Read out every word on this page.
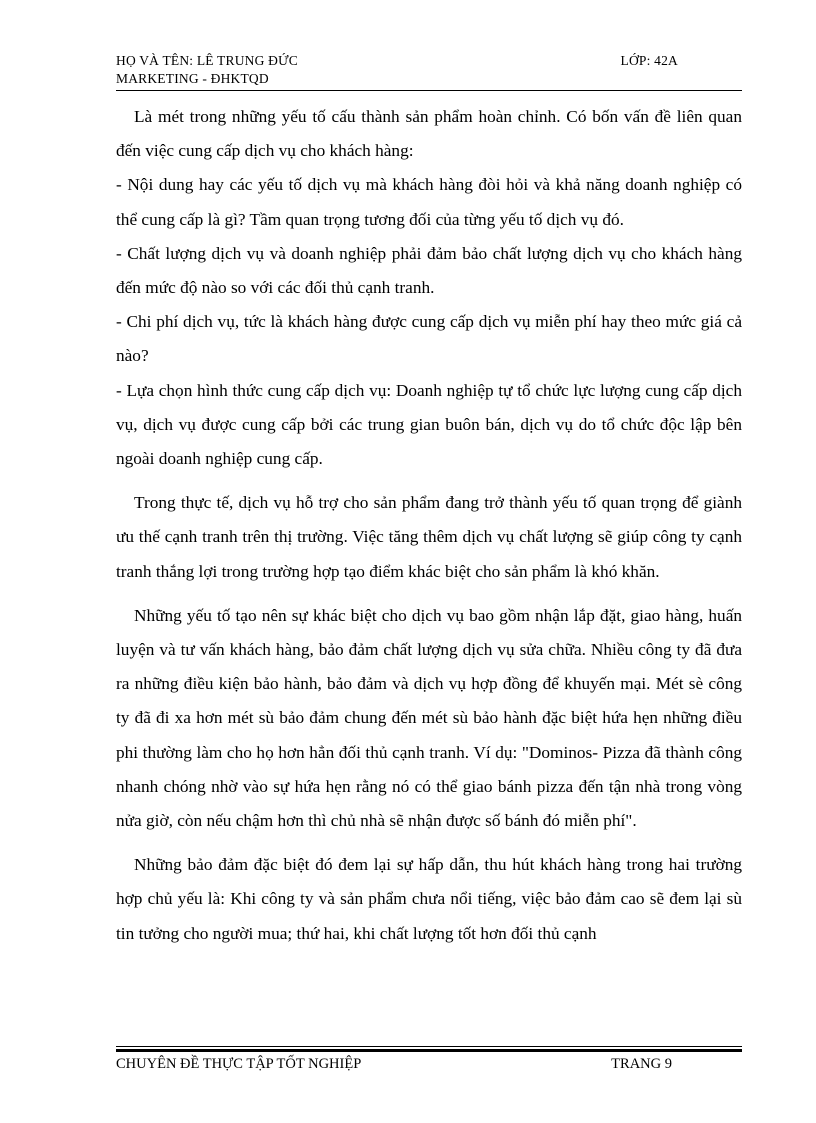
HỌ VÀ TÊN: LÊ TRUNG ĐỨC	LỚP: 42A
MARKETING - ĐHKTQD

Là mét trong những yếu tố cấu thành sản phẩm hoàn chỉnh. Có bốn vấn đề liên quan đến việc cung cấp dịch vụ cho khách hàng:

- Nội dung hay các yếu tố dịch vụ mà khách hàng đòi hỏi và khả năng doanh nghiệp có thể cung cấp là gì? Tầm quan trọng tương đối của từng yếu tố dịch vụ đó.

- Chất lượng dịch vụ và doanh nghiệp phải đảm bảo chất lượng dịch vụ cho khách hàng đến mức độ nào so với các đối thủ cạnh tranh.

- Chi phí dịch vụ, tức là khách hàng được cung cấp dịch vụ miễn phí hay theo mức giá cả nào?

- Lựa chọn hình thức cung cấp dịch vụ: Doanh nghiệp tự tổ chức lực lượng cung cấp dịch vụ, dịch vụ được cung cấp bởi các trung gian buôn bán, dịch vụ do tổ chức độc lập bên ngoài doanh nghiệp cung cấp.

Trong thực tế, dịch vụ hỗ trợ cho sản phẩm đang trở thành yếu tố quan trọng để giành ưu thế cạnh tranh trên thị trường. Việc tăng thêm dịch vụ chất lượng sẽ giúp công ty cạnh tranh thắng lợi trong trường hợp tạo điểm khác biệt cho sản phẩm là khó khăn.

Những yếu tố tạo nên sự khác biệt cho dịch vụ bao gồm nhận lắp đặt, giao hàng, huấn luyện và tư vấn khách hàng, bảo đảm chất lượng dịch vụ sửa chữa. Nhiều công ty đã đưa ra những điều kiện bảo hành, bảo đảm và dịch vụ hợp đồng để khuyến mại. Mét sè công ty đã đi xa hơn mét sù bảo đảm chung đến mét sù bảo hành đặc biệt hứa hẹn những điều phi thường làm cho họ hơn hẳn đối thủ cạnh tranh. Ví dụ: "Dominos- Pizza đã thành công nhanh chóng nhờ vào sự hứa hẹn rằng nó có thể giao bánh pizza đến tận nhà trong vòng nửa giờ, còn nếu chậm hơn thì chủ nhà sẽ nhận được số bánh đó miễn phí".

Những bảo đảm đặc biệt đó đem lại sự hấp dẫn, thu hút khách hàng trong hai trường hợp chủ yếu là: Khi công ty và sản phẩm chưa nổi tiếng, việc bảo đảm cao sẽ đem lại sù tin tưởng cho người mua; thứ hai, khi chất lượng tốt hơn đối thủ cạnh

CHUYÊN ĐỀ THỰC TẬP TỐT NGHIỆP	TRANG 9
